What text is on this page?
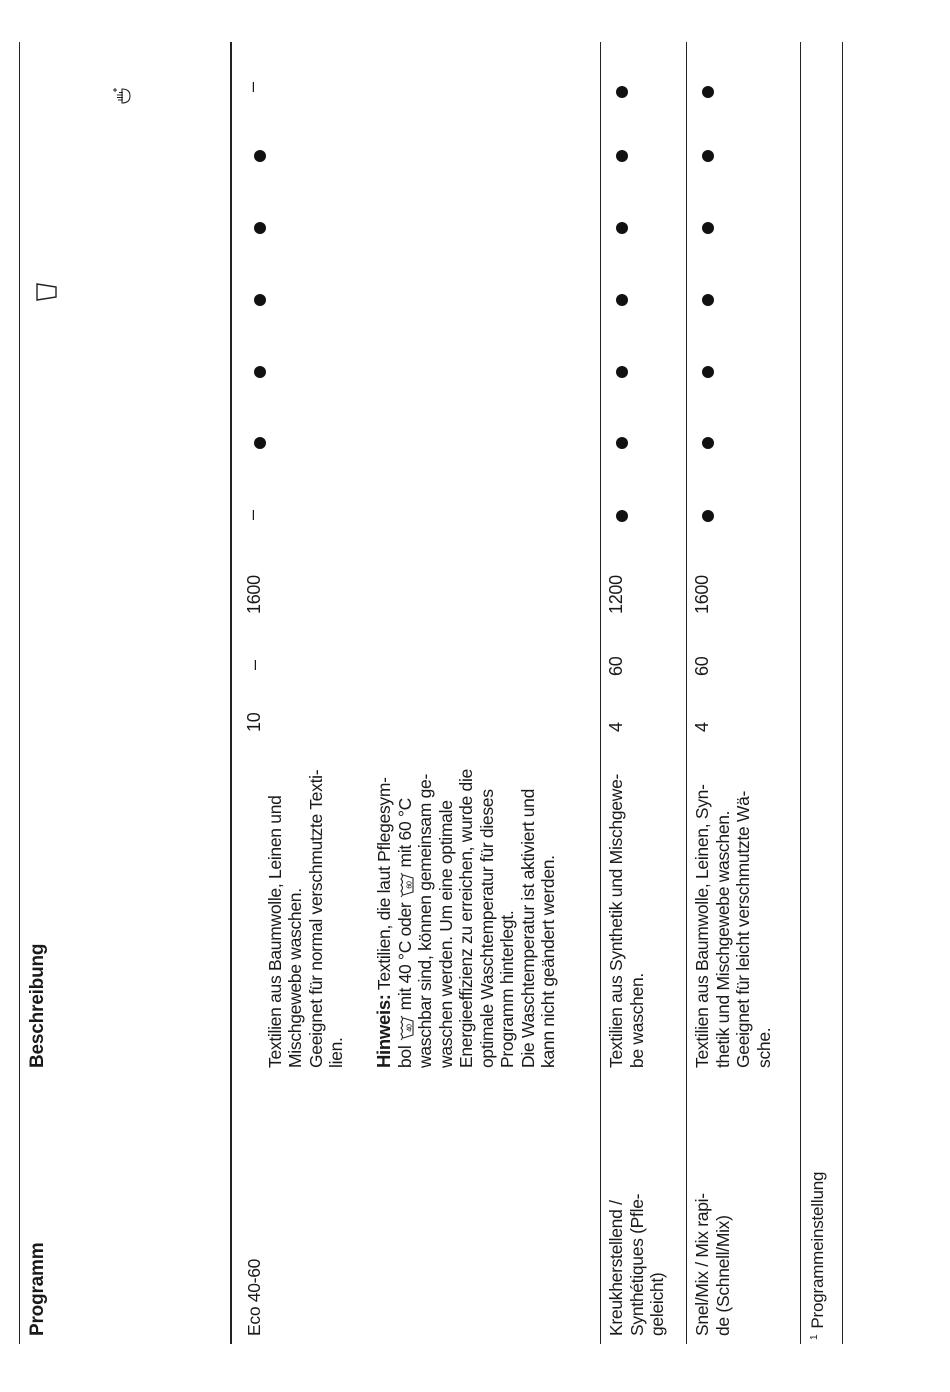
Programm
Beschreibung
Eco 40-60

Textilien aus Baumwolle, Leinen und
Mischgewebe waschen.
Geeignet für normal verschmutzte Texti-
lien. Hinweis: Textilien, die laut Pflegesym-
bol
40
mit 40 °C oder
60
mit 60 °C
waschbar sind, können gemeinsam ge-
waschen werden. Um eine optimale
Energieeffizienz zu erreichen, wurde die
optimale Waschtemperatur für dieses
Programm hinterlegt.
Die Waschtemperatur ist aktiviert und
kann nicht geändert werden.

10
–
1600
–
–
Kreukherstellend /
Synthétiques (Pfle-
geleicht)
Textilien aus Synthetik und Mischgewe-
be waschen.
4
60
1200
Snel/Mix / Mix rapi-
de (Schnell/Mix)
Textilien aus Baumwolle, Leinen, Syn-
thetik und Mischgewebe waschen.
Geeignet für leicht verschmutzte Wä-
sche.
4
60
1600
$^1$Programmeinstellung
